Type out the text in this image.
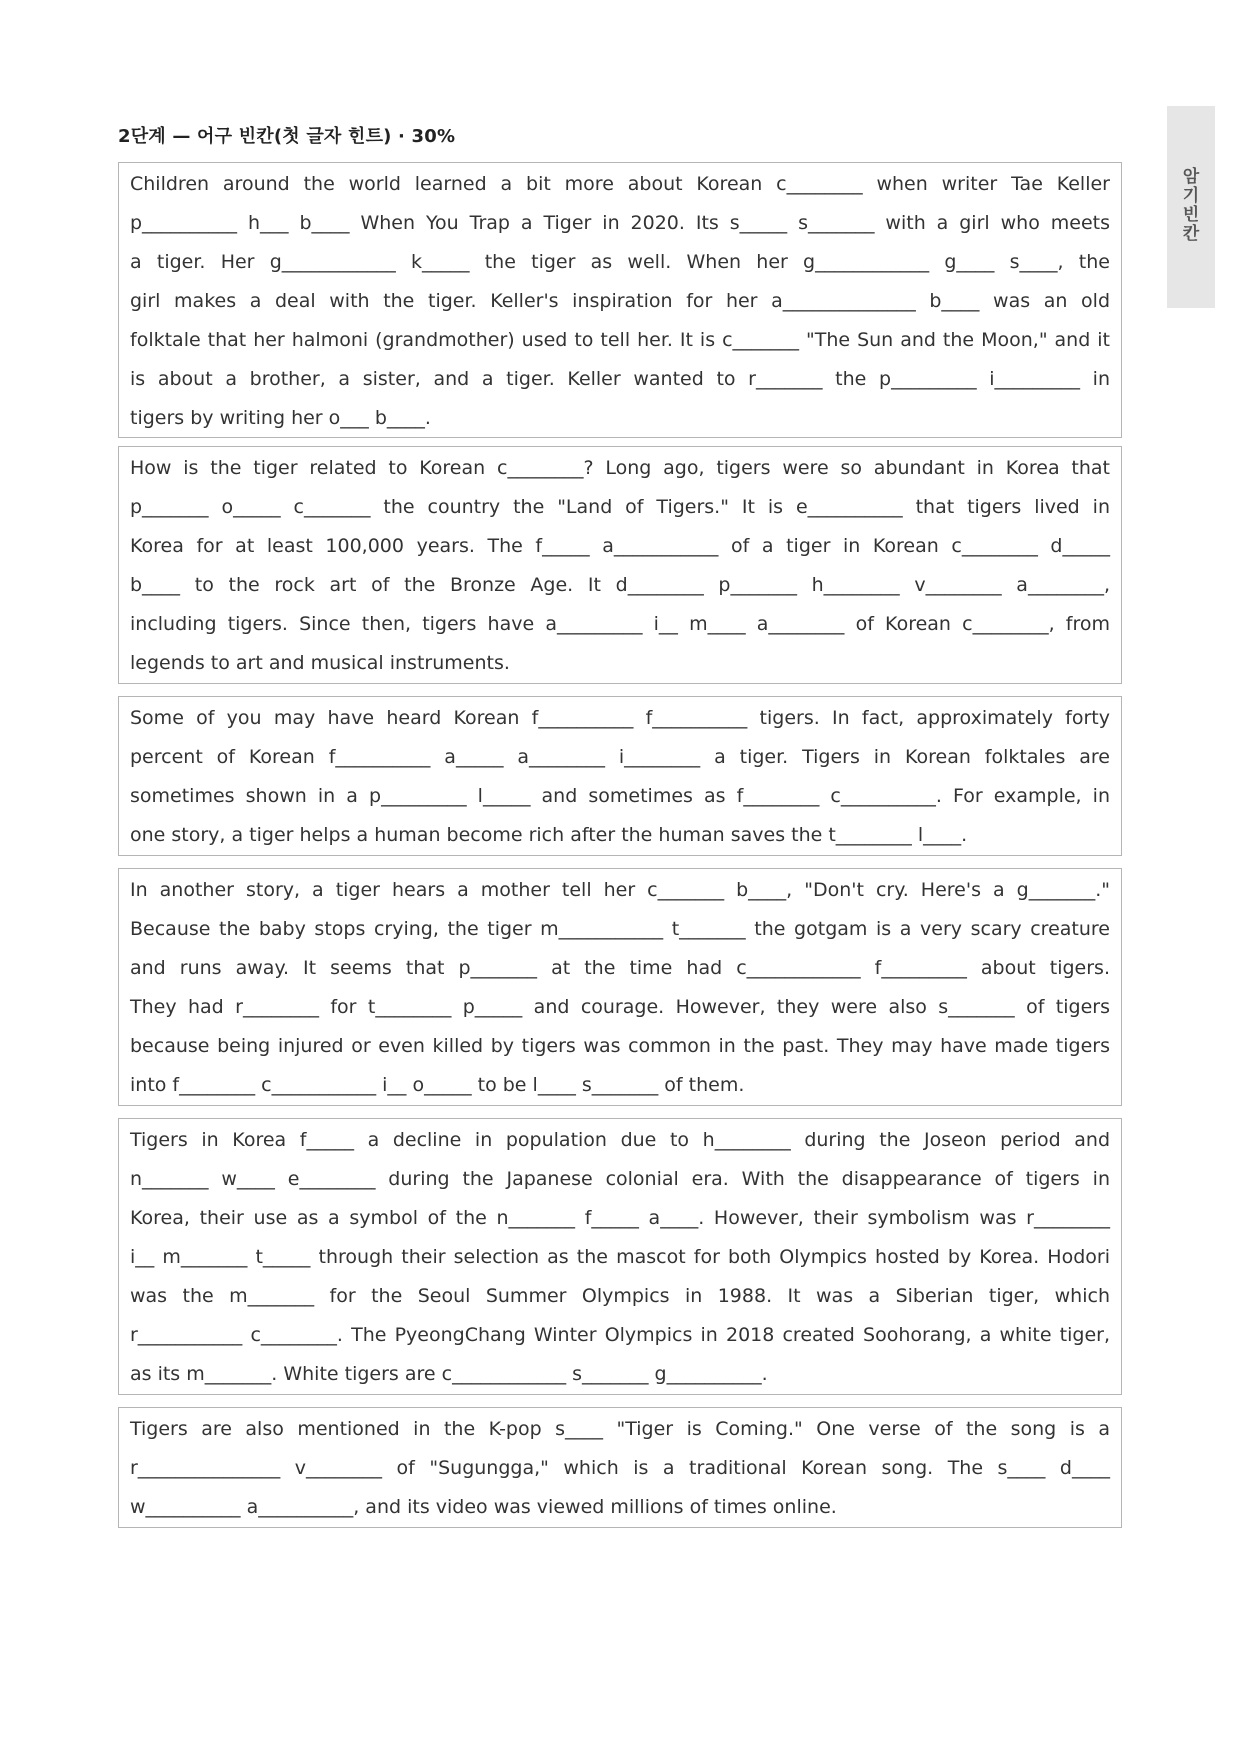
2단계 — 어구 빈칸(첫 글자 힌트) · 30%
암
기
빈
칸
Children around the world learned a bit more about Korean c________ when writer Tae Keller
p__________ h___ b____ When You Trap a Tiger in 2020. Its s_____ s_______ with a girl who meets
a tiger. Her g____________ k_____ the tiger as well. When her g____________ g____ s____, the
girl makes a deal with the tiger. Keller's inspiration for her a______________ b____ was an old
folktale that her halmoni (grandmother) used to tell her. It is c_______ "The Sun and the Moon," and it
is about a brother, a sister, and a tiger. Keller wanted to r_______ the p_________ i_________ in
tigers by writing her o___ b____.
How is the tiger related to Korean c________? Long ago, tigers were so abundant in Korea that
p_______ o_____ c_______ the country the "Land of Tigers." It is e__________ that tigers lived in
Korea for at least 100,000 years. The f_____ a___________ of a tiger in Korean c________ d_____
b____ to the rock art of the Bronze Age. It d________ p_______ h________ v________ a________,
including tigers. Since then, tigers have a_________ i__ m____ a________ of Korean c________, from
legends to art and musical instruments.
Some of you may have heard Korean f__________ f__________ tigers. In fact, approximately forty
percent of Korean f__________ a_____ a________ i________ a tiger. Tigers in Korean folktales are
sometimes shown in a p_________ l_____ and sometimes as f________ c__________. For example, in
one story, a tiger helps a human become rich after the human saves the t________ l____.
In another story, a tiger hears a mother tell her c_______ b____, "Don't cry. Here's a g_______."
Because the baby stops crying, the tiger m___________ t_______ the gotgam is a very scary creature
and runs away. It seems that p_______ at the time had c____________ f_________ about tigers.
They had r________ for t________ p_____ and courage. However, they were also s_______ of tigers
because being injured or even killed by tigers was common in the past. They may have made tigers
into f________ c___________ i__ o_____ to be l____ s_______ of them.
Tigers in Korea f_____ a decline in population due to h________ during the Joseon period and
n_______ w____ e________ during the Japanese colonial era. With the disappearance of tigers in
Korea, their use as a symbol of the n_______ f_____ a____. However, their symbolism was r________
i__ m_______ t_____ through their selection as the mascot for both Olympics hosted by Korea. Hodori
was the m_______ for the Seoul Summer Olympics in 1988. It was a Siberian tiger, which
r___________ c________. The PyeongChang Winter Olympics in 2018 created Soohorang, a white tiger,
as its m_______. White tigers are c____________ s_______ g__________.
Tigers are also mentioned in the K-pop s____ "Tiger is Coming." One verse of the song is a
r_______________ v________ of "Sugungga," which is a traditional Korean song. The s____ d____
w__________ a__________, and its video was viewed millions of times online.
